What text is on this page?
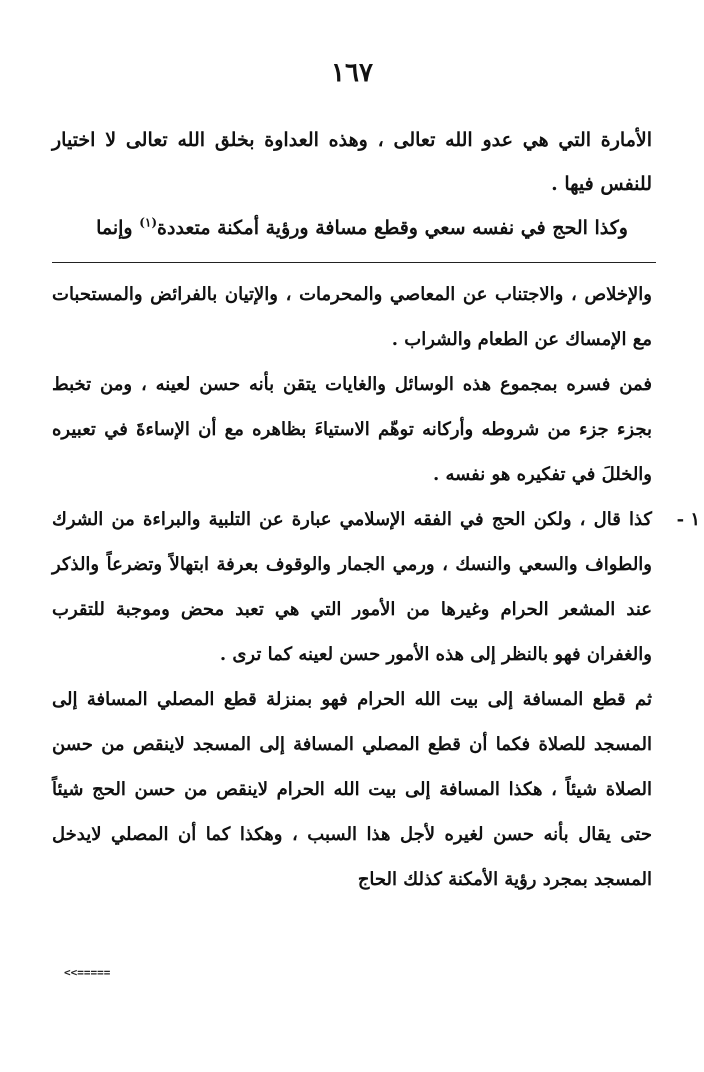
١٦٧

الأمارة التي هي عدو الله تعالى ، وهذه العداوة بخلق الله تعالى لا اختيار للنفس فيها .

وكذا الحج في نفسه سعي وقطع مسافة ورؤية أمكنة متعددة$^{(١)}$ وإنما

والإخلاص ، والاجتناب عن المعاصي والمحرمات ، والإتيان بالفرائض والمستحبات مع الإمساك عن الطعام والشراب .

فمن فسره بمجموع هذه الوسائل والغايات يتقن بأنه حسن لعينه ، ومن تخبط بجزء جزء من شروطه وأركانه توهّم الاستياءَ بظاهره مع أن الإساءةَ في تعبيره والخللَ في تفكيره هو نفسه .

١ -

كذا قال ، ولكن الحج في الفقه الإسلامي عبارة عن التلبية والبراءة من الشرك والطواف والسعي والنسك ، ورمي الجمار والوقوف بعرفة ابتهالاً وتضرعاً والذكر عند المشعر الحرام وغيرها من الأمور التي هي تعبد محض وموجبة للتقرب والغفران فهو بالنظر إلى هذه الأمور حسن لعينه كما ترى .

ثم قطع المسافة إلى بيت الله الحرام فهو بمنزلة قطع المصلي المسافة إلى المسجد للصلاة فكما أن قطع المصلي المسافة إلى المسجد لاينقص من حسن الصلاة شيئاً ، هكذا المسافة إلى بيت الله الحرام لاينقص من حسن الحج شيئاً حتى يقال بأنه حسن لغيره لأجل هذا السبب ، وهكذا كما أن المصلي لايدخل المسجد بمجرد رؤية الأمكنة كذلك الحاج

<<=====
